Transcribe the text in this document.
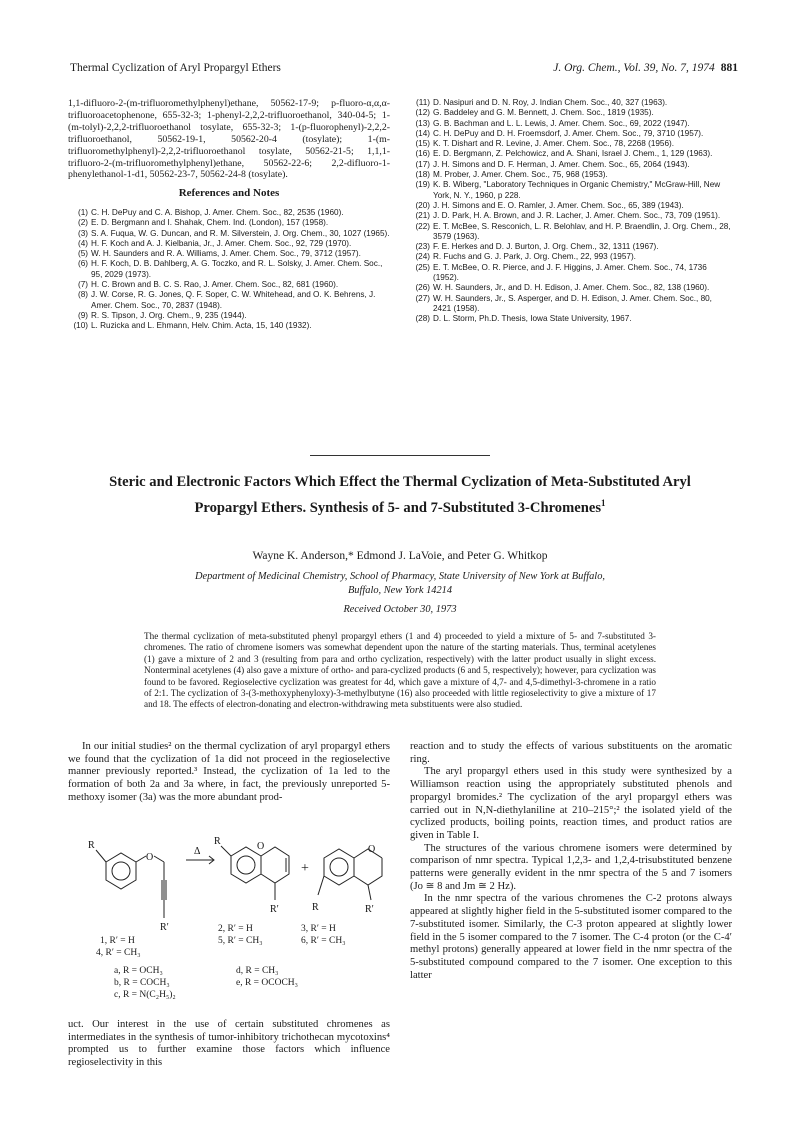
Thermal Cyclization of Aryl Propargyl Ethers	J. Org. Chem., Vol. 39, No. 7, 1974 881

1,1-difluoro-2-(m-trifluoromethylphenyl)ethane, 50562-17-9; p-fluoro-α,α,α-trifluoroacetophenone, 655-32-3; 1-phenyl-2,2,2-trifluoroethanol, 340-04-5; 1-(m-tolyl)-2,2,2-trifluoroethanol tosylate, 655-32-3; 1-(p-fluorophenyl)-2,2,2-trifluoroethanol, 50562-19-1, 50562-20-4 (tosylate); 1-(m-trifluoromethylphenyl)-2,2,2-trifluoroethanol tosylate, 50562-21-5; 1,1,1-trifluoro-2-(m-trifluoromethylphenyl)ethane, 50562-22-6; 2,2-difluoro-1-phenylethanol-1-d1, 50562-23-7, 50562-24-8 (tosylate).

References and Notes
(1) C. H. DePuy and C. A. Bishop, J. Amer. Chem. Soc., 82, 2535 (1960).
(2) E. D. Bergmann and I. Shahak, Chem. Ind. (London), 157 (1958).
(3) S. A. Fuqua, W. G. Duncan, and R. M. Silverstein, J. Org. Chem., 30, 1027 (1965).
(4) H. F. Koch and A. J. Kielbania, Jr., J. Amer. Chem. Soc., 92, 729 (1970).
(5) W. H. Saunders and R. A. Williams, J. Amer. Chem. Soc., 79, 3712 (1957).
(6) H. F. Koch, D. B. Dahlberg, A. G. Toczko, and R. L. Solsky, J. Amer. Chem. Soc., 95, 2029 (1973).
(7) H. C. Brown and B. C. S. Rao, J. Amer. Chem. Soc., 82, 681 (1960).
(8) J. W. Corse, R. G. Jones, Q. F. Soper, C. W. Whitehead, and O. K. Behrens, J. Amer. Chem. Soc., 70, 2837 (1948).
(9) R. S. Tipson, J. Org. Chem., 9, 235 (1944).
(10) L. Ruzicka and L. Ehmann, Helv. Chim. Acta, 15, 140 (1932).
(11) D. Nasipuri and D. N. Roy, J. Indian Chem. Soc., 40, 327 (1963).
(12) G. Baddeley and G. M. Bennett, J. Chem. Soc., 1819 (1935).
(13) G. B. Bachman and L. L. Lewis, J. Amer. Chem. Soc., 69, 2022 (1947).
(14) C. H. DePuy and D. H. Froemsdorf, J. Amer. Chem. Soc., 79, 3710 (1957).
(15) K. T. Dishart and R. Levine, J. Amer. Chem. Soc., 78, 2268 (1956).
(16) E. D. Bergmann, Z. Pelchowicz, and A. Shani, Israel J. Chem., 1, 129 (1963).
(17) J. H. Simons and D. F. Herman, J. Amer. Chem. Soc., 65, 2064 (1943).
(18) M. Prober, J. Amer. Chem. Soc., 75, 968 (1953).
(19) K. B. Wiberg, "Laboratory Techniques in Organic Chemistry," McGraw-Hill, New York, N. Y., 1960, p 228.
(20) J. H. Simons and E. O. Ramler, J. Amer. Chem. Soc., 65, 389 (1943).
(21) J. D. Park, H. A. Brown, and J. R. Lacher, J. Amer. Chem. Soc., 73, 709 (1951).
(22) E. T. McBee, S. Resconich, L. R. Belohlav, and H. P. Braendlin, J. Org. Chem., 28, 3579 (1963).
(23) F. E. Herkes and D. J. Burton, J. Org. Chem., 32, 1311 (1967).
(24) R. Fuchs and G. J. Park, J. Org. Chem., 22, 993 (1957).
(25) E. T. McBee, O. R. Pierce, and J. F. Higgins, J. Amer. Chem. Soc., 74, 1736 (1952).
(26) W. H. Saunders, Jr., and D. H. Edison, J. Amer. Chem. Soc., 82, 138 (1960).
(27) W. H. Saunders, Jr., S. Asperger, and D. H. Edison, J. Amer. Chem. Soc., 80, 2421 (1958).
(28) D. L. Storm, Ph.D. Thesis, Iowa State University, 1967.
Steric and Electronic Factors Which Effect the Thermal Cyclization of Meta-Substituted Aryl Propargyl Ethers. Synthesis of 5- and 7-Substituted 3-Chromenes$^1$
Wayne K. Anderson,* Edmond J. LaVoie, and Peter G. Whitkop
Department of Medicinal Chemistry, School of Pharmacy, State University of New York at Buffalo,
Buffalo, New York 14214
Received October 30, 1973

The thermal cyclization of meta-substituted phenyl propargyl ethers (1 and 4) proceeded to yield a mixture of 5- and 7-substituted 3-chromenes. The ratio of chromene isomers was somewhat dependent upon the nature of the starting materials. Thus, terminal acetylenes (1) gave a mixture of 2 and 3 (resulting from para and ortho cyclization, respectively) with the latter product usually in slight excess. Nonterminal acetylenes (4) also gave a mixture of ortho- and para-cyclized products (6 and 5, respectively); however, para cyclization was found to be favored. Regioselective cyclization was greatest for 4d, which gave a mixture of 4,7- and 4,5-dimethyl-3-chromene in a ratio of 2:1. The cyclization of 3-(3-methoxyphenyloxy)-3-methylbutyne (16) also proceeded with little regioselectivity to give a mixture of 17 and 18. The effects of electron-donating and electron-withdrawing meta substituents were also studied.

In our initial studies² on the thermal cyclization of aryl propargyl ethers we found that the cyclization of 1a did not proceed in the regioselective manner previously reported.³ Instead, the cyclization of 1a led to the formation of both 2a and 3a where, in fact, the previously unreported 5-methoxy isomer (3a) was the more abundant prod-

R
O
R′
Δ
R	O
R′
+
O
R	R′
1, R′ = H
4, R′ = CH₃
2, R′ = H
5, R′ = CH₃
3, R′ = H
6, R′ = CH₃
a, R = OCH₃
b, R = COCH₃
c, R = N(C₂H₅)₂
d, R = CH₃
e, R = OCOCH₃

uct. Our interest in the use of certain substituted chromenes as intermediates in the synthesis of tumor-inhibitory trichothecan mycotoxins⁴ prompted us to further examine those factors which influence regioselectivity in this

reaction and to study the effects of various substituents on the aromatic ring.

The aryl propargyl ethers used in this study were synthesized by a Williamson reaction using the appropriately substituted phenols and propargyl bromides.² The cyclization of the aryl propargyl ethers was carried out in N,N-diethylaniline at 210–215°;² the isolated yield of the cyclized products, boiling points, reaction times, and product ratios are given in Table I.

The structures of the various chromene isomers were determined by comparison of nmr spectra. Typical 1,2,3- and 1,2,4-trisubstituted benzene patterns were generally evident in the nmr spectra of the 5 and 7 isomers (Jo ≅ 8 and Jm ≅ 2 Hz).

In the nmr spectra of the various chromenes the C-2 protons always appeared at slightly higher field in the 5-substituted isomer compared to the 7-substituted isomer. Similarly, the C-3 proton appeared at slightly lower field in the 5 isomer compared to the 7 isomer. The C-4 proton (or the C-4′ methyl protons) generally appeared at lower field in the nmr spectra of the 5-substituted compound compared to the 7 isomer. One exception to this latter
